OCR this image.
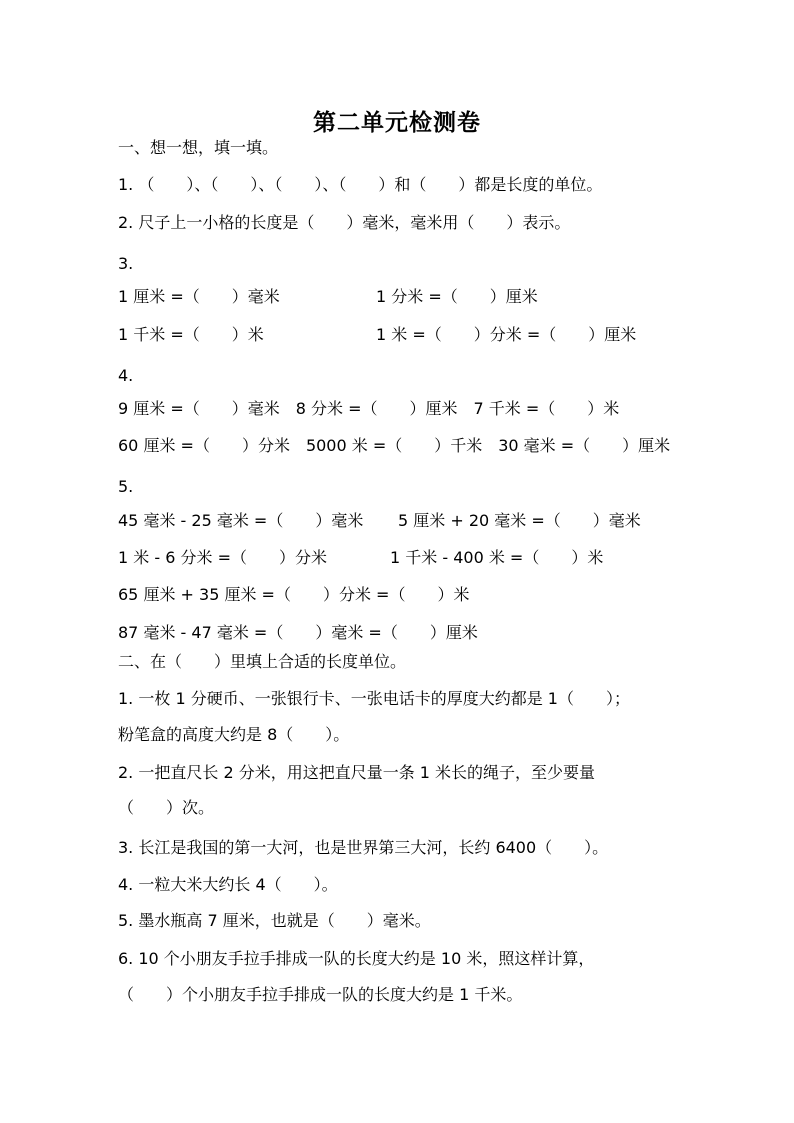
第二单元检测卷
一、想一想，填一填。
1. （　　）、（　　）、（　　）、（　　）和（　　）都是长度的单位。
2. 尺子上一小格的长度是（　　）毫米，毫米用（　　）表示。
3.
1 厘米 =（　　）毫米	1 分米 =（　　）厘米
1 千米 =（　　）米	1 米 =（　　）分米 =（　　）厘米
4.
9 厘米 =（　　）毫米　8 分米 =（　　）厘米　7 千米 =（　　）米
60 厘米 =（　　）分米　5000 米 =（　　）千米　30 毫米 =（　　）厘米
5.
45 毫米 - 25 毫米 =（　　）毫米 5 厘米 + 20 毫米 =（　　）毫米
1 米 - 6 分米 =（　　）分米	1 千米 - 400 米 =（　　）米
65 厘米 + 35 厘米 =（　　）分米 =（　　）米
87 毫米 - 47 毫米 =（　　）毫米 =（　　）厘米
二、在（　　）里填上合适的长度单位。
1. 一枚 1 分硬币、一张银行卡、一张电话卡的厚度大约都是 1（　　）；
粉笔盒的高度大约是 8（　　）。
2. 一把直尺长 2 分米，用这把直尺量一条 1 米长的绳子，至少要量
（　　）次。
3. 长江是我国的第一大河，也是世界第三大河，长约 6400（　　）。
4. 一粒大米大约长 4（　　）。
5. 墨水瓶高 7 厘米，也就是（　　）毫米。
6. 10 个小朋友手拉手排成一队的长度大约是 10 米，照这样计算，
（　　）个小朋友手拉手排成一队的长度大约是 1 千米。
